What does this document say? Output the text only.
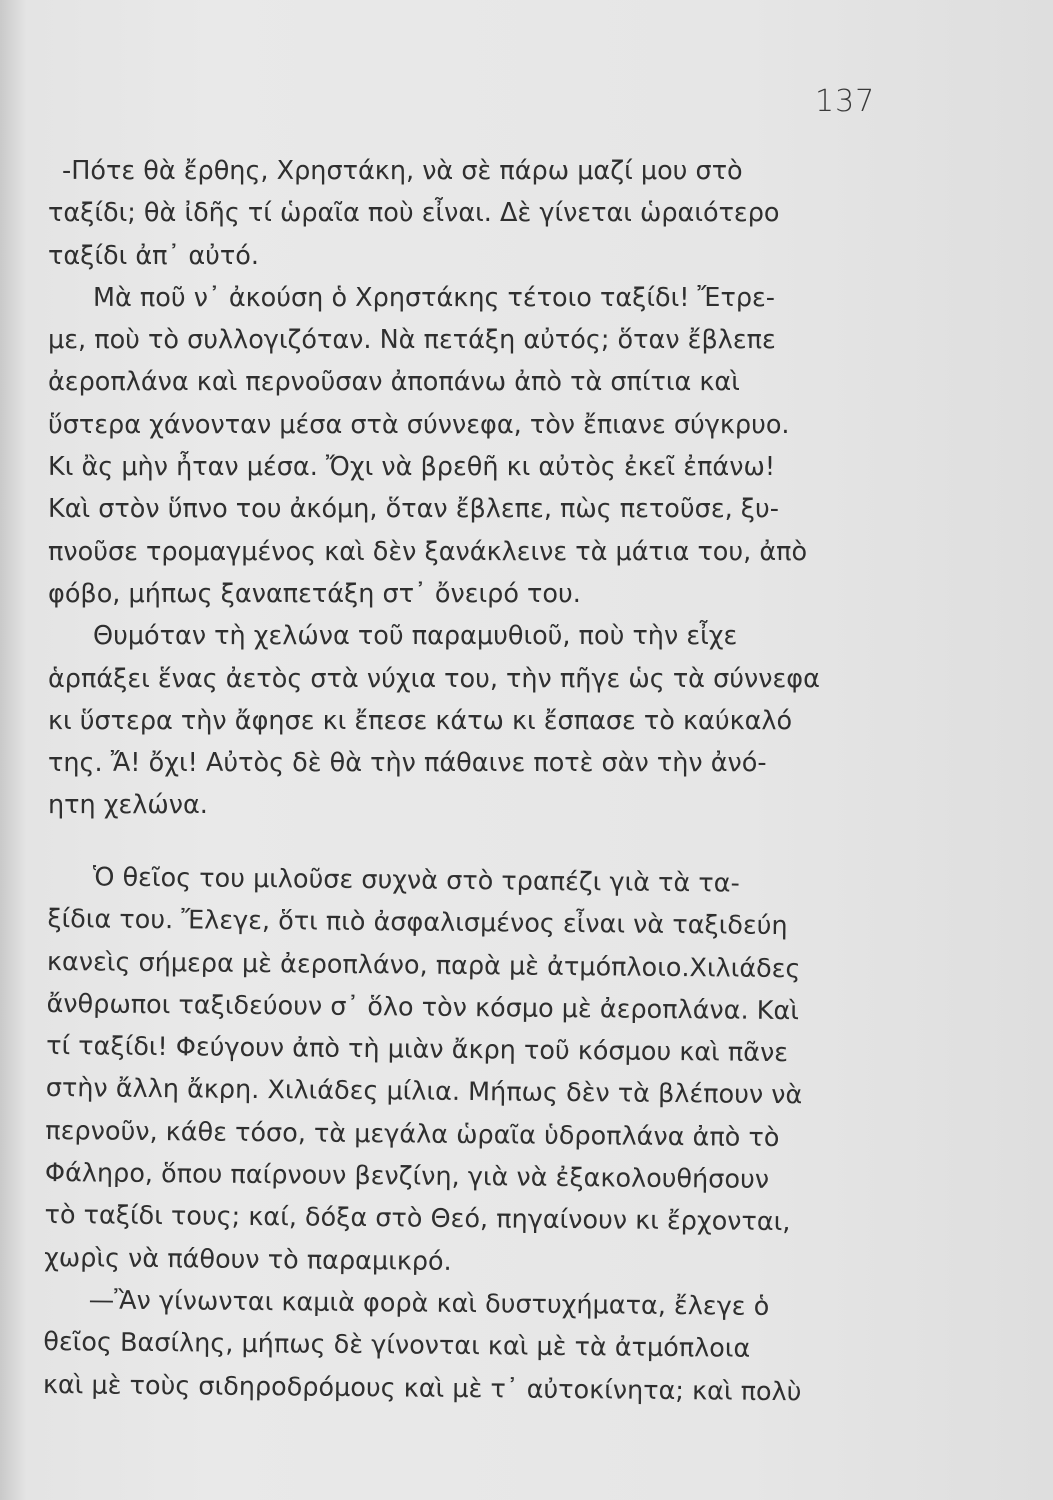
137
-Πότε θὰ ἔρθης, Χρηστάκη, νὰ σὲ πάρω μαζί μου στὸ
ταξίδι; θὰ ἰδῆς τί ὡραῖα ποὺ εἶναι. Δὲ γίνεται ὡραιότερο
ταξίδι ἀπ᾽ αὐτό.
Μὰ ποῦ ν᾽ ἀκούση ὁ Χρηστάκης τέτοιο ταξίδι! Ἔτρε-
με, ποὺ τὸ συλλογιζόταν. Νὰ πετάξη αὐτός; ὅταν ἔβλεπε
ἀεροπλάνα καὶ περνοῦσαν ἀποπάνω ἀπὸ τὰ σπίτια καὶ
ὕστερα χάνονταν μέσα στὰ σύννεφα, τὸν ἔπιανε σύγκρυο.
Κι ἂς μὴν ἦταν μέσα. Ὄχι νὰ βρεθῆ κι αὐτὸς ἐκεῖ ἐπάνω!
Καὶ στὸν ὕπνο του ἀκόμη, ὅταν ἔβλεπε, πὼς πετοῦσε, ξυ-
πνοῦσε τρομαγμένος καὶ δὲν ξανάκλεινε τὰ μάτια του, ἀπὸ
φόβο, μήπως ξαναπετάξη στ᾽ ὄνειρό του.
Θυμόταν τὴ χελώνα τοῦ παραμυθιοῦ, ποὺ τὴν εἶχε
ἁρπάξει ἕνας ἀετὸς στὰ νύχια του, τὴν πῆγε ὡς τὰ σύννεφα
κι ὕστερα τὴν ἄφησε κι ἔπεσε κάτω κι ἔσπασε τὸ καύκαλό
της. Ἄ! ὄχι! Αὐτὸς δὲ θὰ τὴν πάθαινε ποτὲ σὰν τὴν ἀνό-
ητη χελώνα.
Ὁ θεῖος του μιλοῦσε συχνὰ στὸ τραπέζι γιὰ τὰ τα-
ξίδια του. Ἔλεγε, ὅτι πιὸ ἀσφαλισμένος εἶναι νὰ ταξιδεύη
κανεὶς σήμερα μὲ ἀεροπλάνο, παρὰ μὲ ἀτμόπλοιο.Χιλιάδες
ἄνθρωποι ταξιδεύουν σ᾽ ὅλο τὸν κόσμο μὲ ἀεροπλάνα. Καὶ
τί ταξίδι! Φεύγουν ἀπὸ τὴ μιὰν ἄκρη τοῦ κόσμου καὶ πᾶνε
στὴν ἄλλη ἄκρη. Χιλιάδες μίλια. Μήπως δὲν τὰ βλέπουν νὰ
περνοῦν, κάθε τόσο, τὰ μεγάλα ὡραῖα ὑδροπλάνα ἀπὸ τὸ
Φάληρο, ὅπου παίρνουν βενζίνη, γιὰ νὰ ἐξακολουθήσουν
τὸ ταξίδι τους; καί, δόξα στὸ Θεό, πηγαίνουν κι ἔρχονται,
χωρὶς νὰ πάθουν τὸ παραμικρό.
—Ἂν γίνωνται καμιὰ φορὰ καὶ δυστυχήματα, ἔλεγε ὁ
θεῖος Βασίλης, μήπως δὲ γίνονται καὶ μὲ τὰ ἀτμόπλοια
καὶ μὲ τοὺς σιδηροδρόμους καὶ μὲ τ᾽ αὐτοκίνητα; καὶ πολὺ
